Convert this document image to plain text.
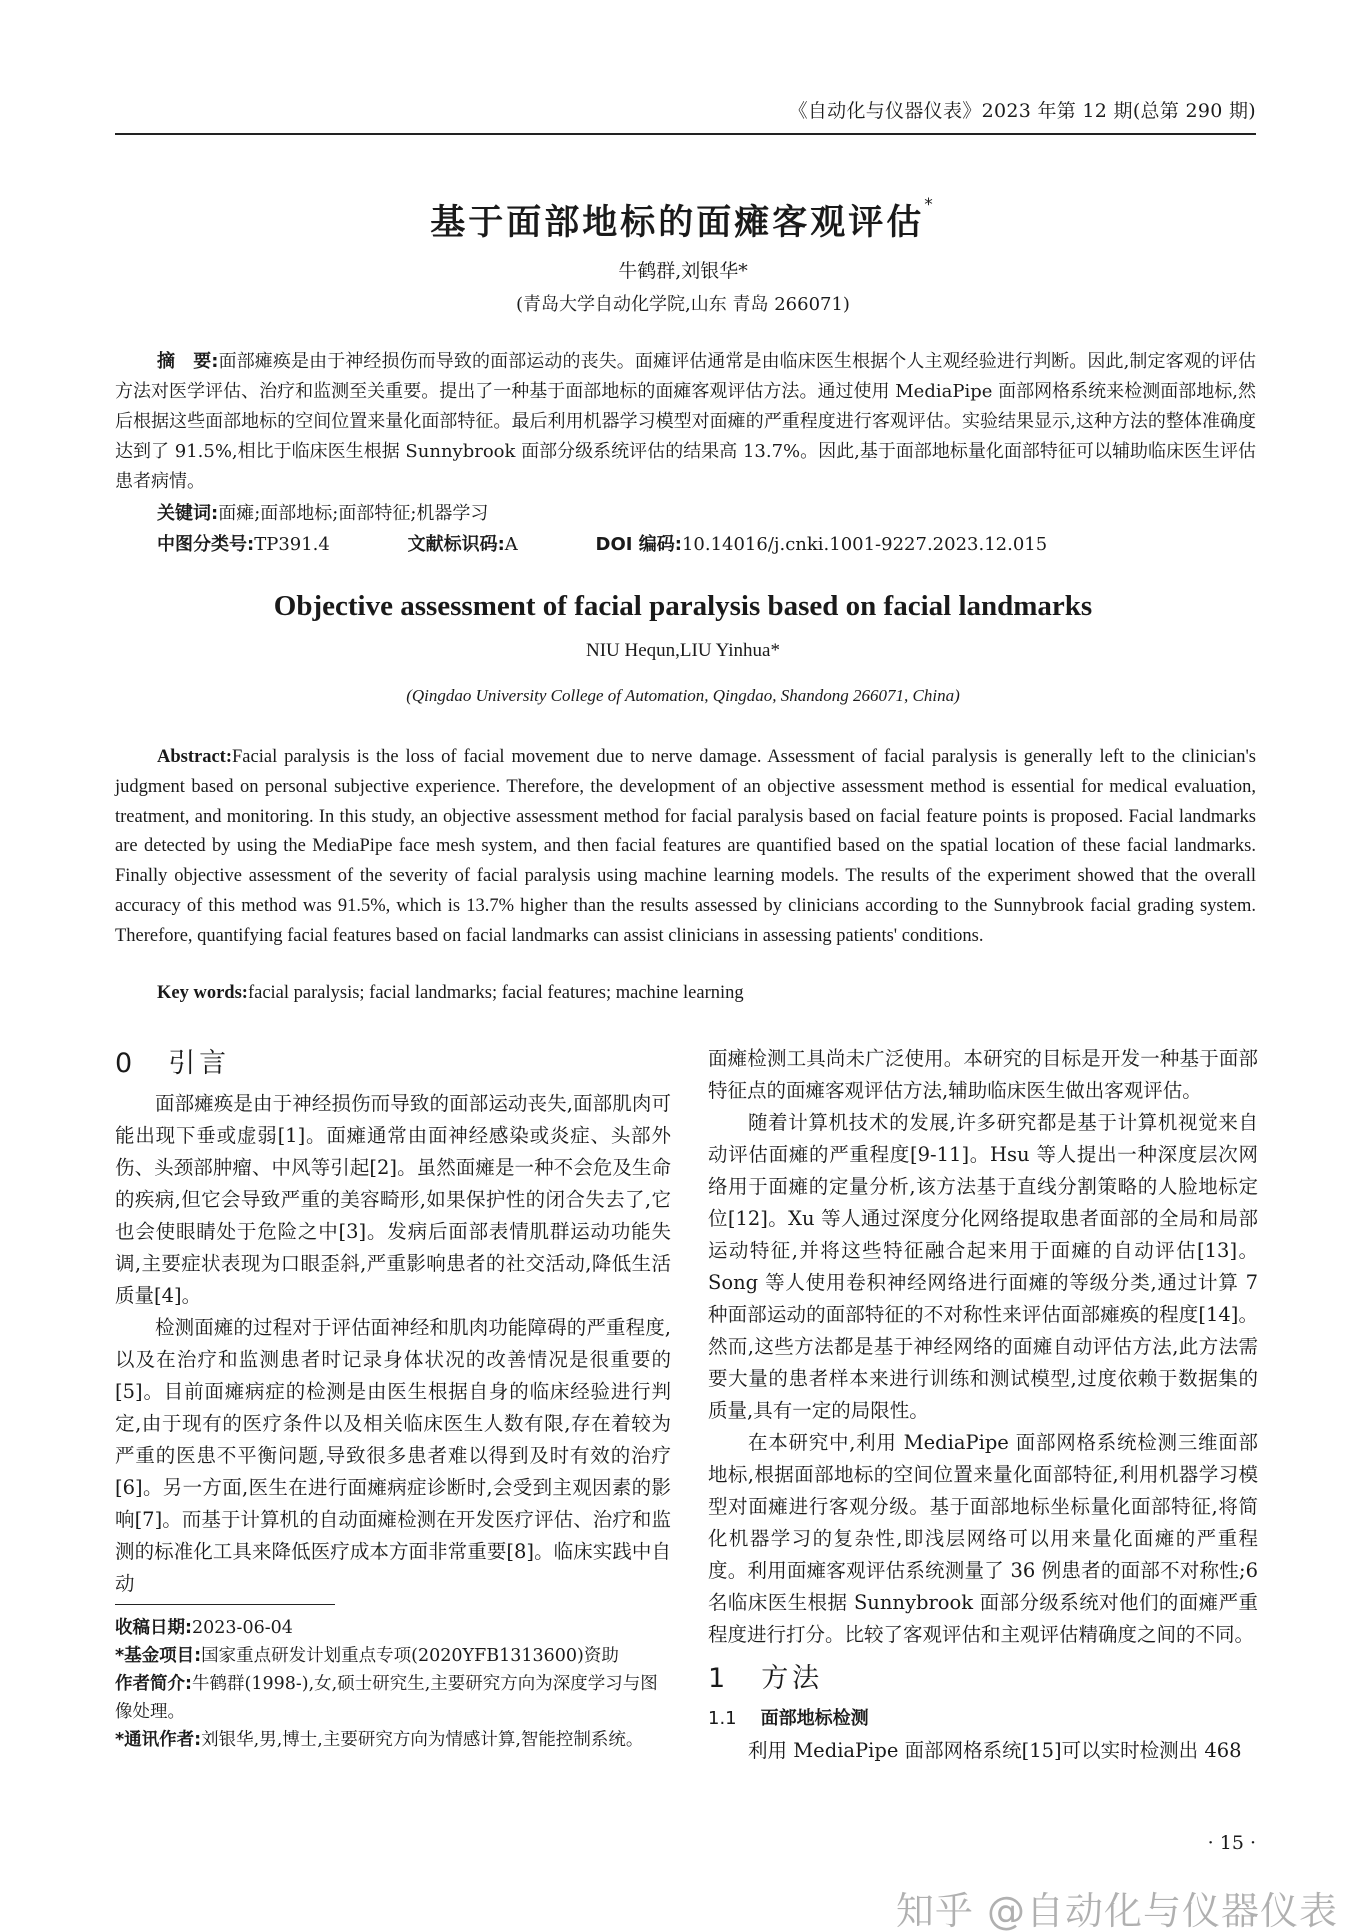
《自动化与仪器仪表》2023 年第 12 期(总第 290 期)
基于面部地标的面瘫客观评估*
牛鹤群,刘银华*
(青岛大学自动化学院,山东 青岛 266071)
摘　要:面部瘫痪是由于神经损伤而导致的面部运动的丧失。面瘫评估通常是由临床医生根据个人主观经验进行判断。因此,制定客观的评估方法对医学评估、治疗和监测至关重要。提出了一种基于面部地标的面瘫客观评估方法。通过使用 MediaPipe 面部网格系统来检测面部地标,然后根据这些面部地标的空间位置来量化面部特征。最后利用机器学习模型对面瘫的严重程度进行客观评估。实验结果显示,这种方法的整体准确度达到了 91.5%,相比于临床医生根据 Sunnybrook 面部分级系统评估的结果高 13.7%。因此,基于面部地标量化面部特征可以辅助临床医生评估患者病情。
关键词:面瘫;面部地标;面部特征;机器学习
中图分类号:TP391.4	文献标识码:A	DOI 编码:10.14016/j.cnki.1001-9227.2023.12.015
Objective assessment of facial paralysis based on facial landmarks
NIU Hequn,LIU Yinhua*
(Qingdao University College of Automation, Qingdao, Shandong 266071, China)
Abstract:Facial paralysis is the loss of facial movement due to nerve damage. Assessment of facial paralysis is generally left to the clinician's judgment based on personal subjective experience. Therefore, the development of an objective assessment method is essential for medical evaluation, treatment, and monitoring. In this study, an objective assessment method for facial paralysis based on facial feature points is proposed. Facial landmarks are detected by using the MediaPipe face mesh system, and then facial features are quantified based on the spatial location of these facial landmarks. Finally objective assessment of the severity of facial paralysis using machine learning models. The results of the experiment showed that the overall accuracy of this method was 91.5%, which is 13.7% higher than the results assessed by clinicians according to the Sunnybrook facial grading system. Therefore, quantifying facial features based on facial landmarks can assist clinicians in assessing patients' conditions.
Key words:facial paralysis; facial landmarks; facial features; machine learning
0 引言

面部瘫痪是由于神经损伤而导致的面部运动丧失,面部肌肉可能出现下垂或虚弱[1]。面瘫通常由面神经感染或炎症、头部外伤、头颈部肿瘤、中风等引起[2]。虽然面瘫是一种不会危及生命的疾病,但它会导致严重的美容畸形,如果保护性的闭合失去了,它也会使眼睛处于危险之中[3]。发病后面部表情肌群运动功能失调,主要症状表现为口眼歪斜,严重影响患者的社交活动,降低生活质量[4]。

检测面瘫的过程对于评估面神经和肌肉功能障碍的严重程度,以及在治疗和监测患者时记录身体状况的改善情况是很重要的[5]。目前面瘫病症的检测是由医生根据自身的临床经验进行判定,由于现有的医疗条件以及相关临床医生人数有限,存在着较为严重的医患不平衡问题,导致很多患者难以得到及时有效的治疗[6]。另一方面,医生在进行面瘫病症诊断时,会受到主观因素的影响[7]。而基于计算机的自动面瘫检测在开发医疗评估、治疗和监测的标准化工具来降低医疗成本方面非常重要[8]。临床实践中自动

面瘫检测工具尚未广泛使用。本研究的目标是开发一种基于面部特征点的面瘫客观评估方法,辅助临床医生做出客观评估。

随着计算机技术的发展,许多研究都是基于计算机视觉来自动评估面瘫的严重程度[9-11]。Hsu 等人提出一种深度层次网络用于面瘫的定量分析,该方法基于直线分割策略的人脸地标定位[12]。Xu 等人通过深度分化网络提取患者面部的全局和局部运动特征,并将这些特征融合起来用于面瘫的自动评估[13]。Song 等人使用卷积神经网络进行面瘫的等级分类,通过计算 7 种面部运动的面部特征的不对称性来评估面部瘫痪的程度[14]。然而,这些方法都是基于神经网络的面瘫自动评估方法,此方法需要大量的患者样本来进行训练和测试模型,过度依赖于数据集的质量,具有一定的局限性。

在本研究中,利用 MediaPipe 面部网格系统检测三维面部地标,根据面部地标的空间位置来量化面部特征,利用机器学习模型对面瘫进行客观分级。基于面部地标坐标量化面部特征,将简化机器学习的复杂性,即浅层网络可以用来量化面瘫的严重程度。利用面瘫客观评估系统测量了 36 例患者的面部不对称性;6 名临床医生根据 Sunnybrook 面部分级系统对他们的面瘫严重程度进行打分。比较了客观评估和主观评估精确度之间的不同。

1 方法
1.1 面部地标检测

利用 MediaPipe 面部网格系统[15]可以实时检测出 468

收稿日期:2023-06-04
*基金项目:国家重点研发计划重点专项(2020YFB1313600)资助
作者简介:牛鹤群(1998-),女,硕士研究生,主要研究方向为深度学习与图像处理。
*通讯作者:刘银华,男,博士,主要研究方向为情感计算,智能控制系统。
· 15 ·
知乎 @自动化与仪器仪表
